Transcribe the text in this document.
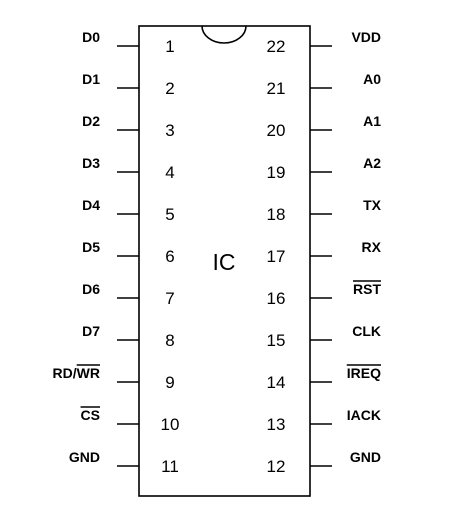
IC
1
D0
2
D1
3
D2
4
D3
5
D4
6
D5
7
D6
8
D7
9
RD/WR
10
CS
11
GND
22	VDD
21	A0
20	A1
19	A2
18	TX
17	RX
16	RST
15	CLK
14	IREQ
13	IACK
12	GND
